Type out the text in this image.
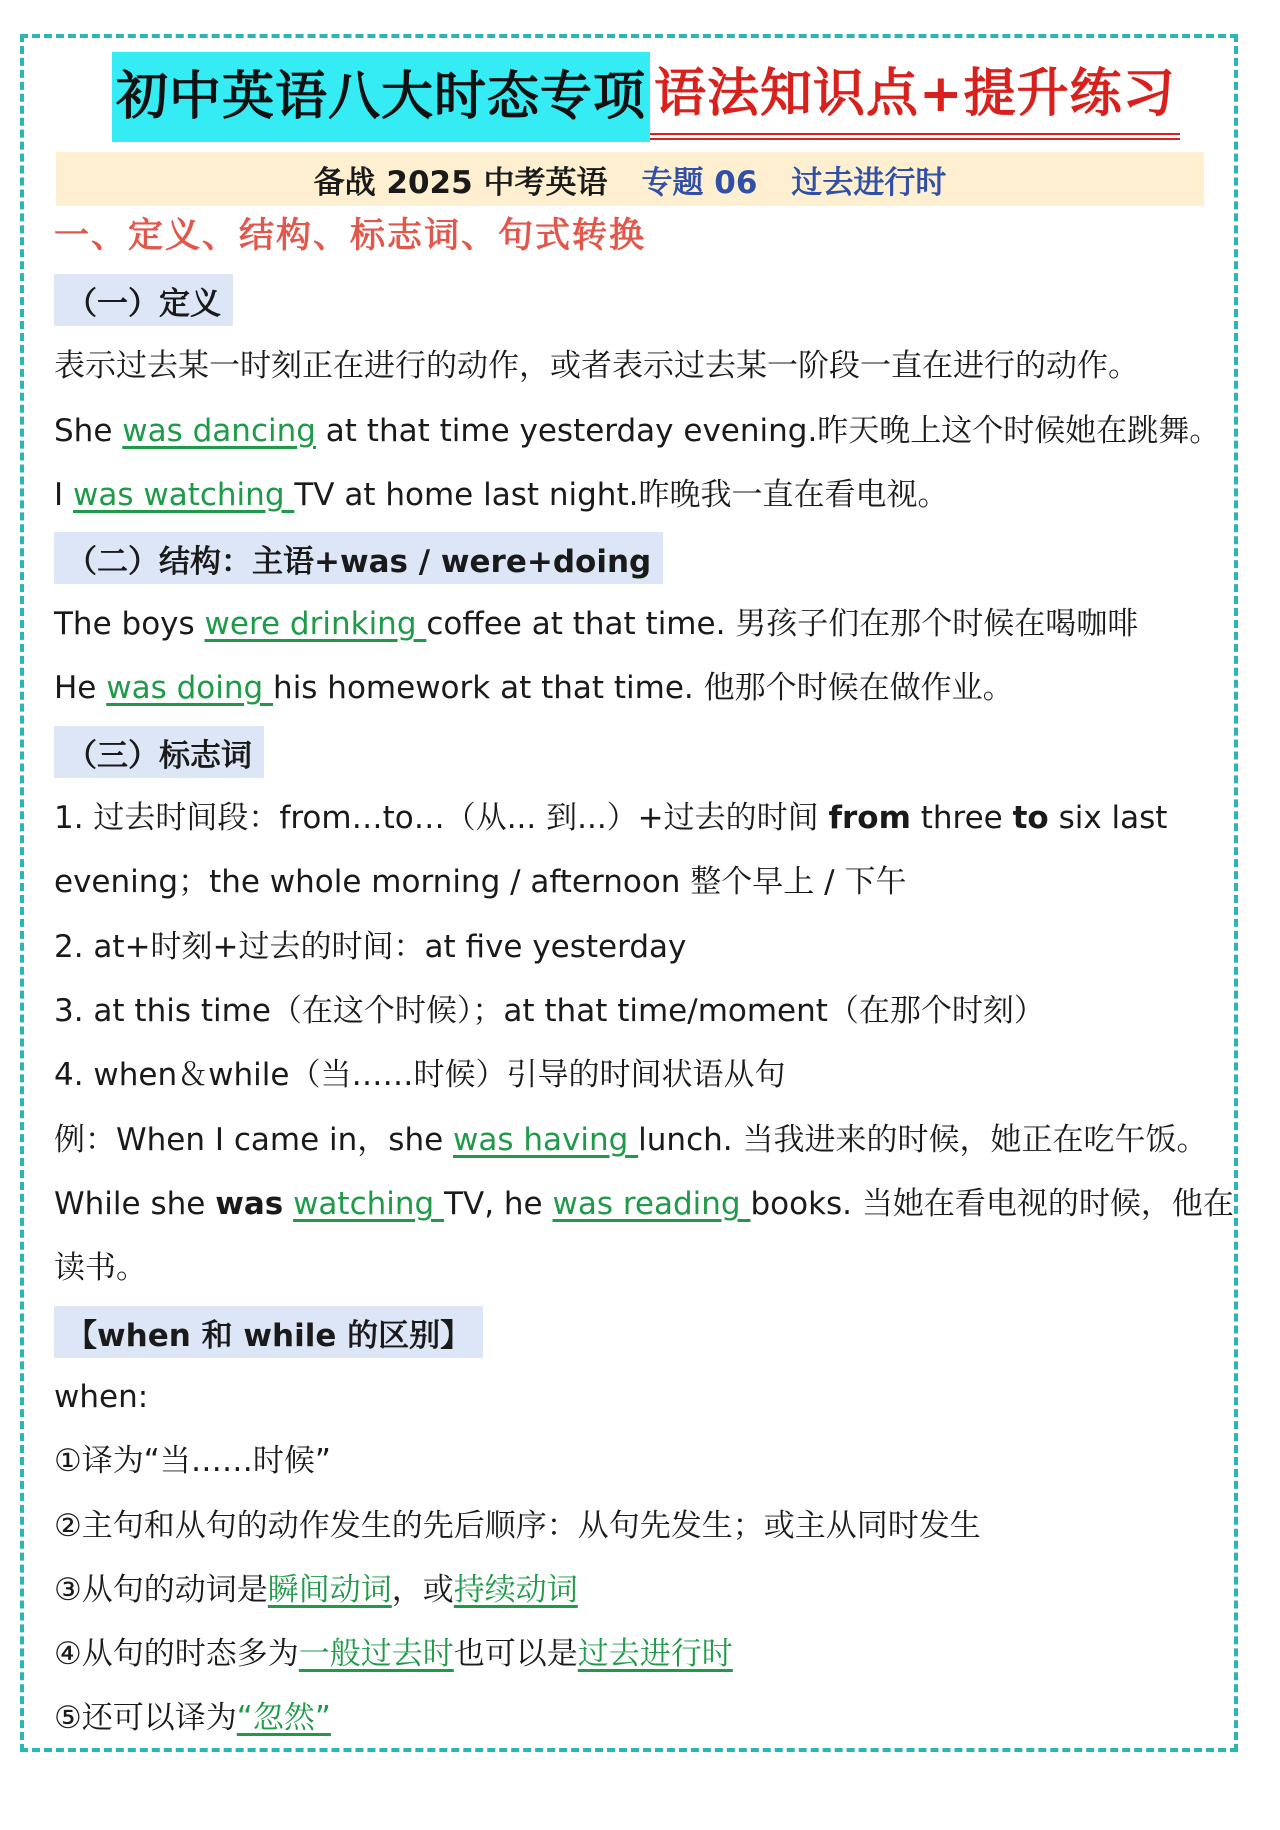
初中英语八大时态专项 语法知识点+提升练习
备战 2025 中考英语 专题 06 过去进行时
一、定义、结构、标志词、句式转换
（一）定义
表示过去某一时刻正在进行的动作，或者表示过去某一阶段一直在进行的动作。
She was dancing at that time yesterday evening.昨天晚上这个时候她在跳舞。
I was watching TV at home last night.昨晚我一直在看电视。
（二）结构：主语+was / were+doing
The boys were drinking coffee at that time. 男孩子们在那个时候在喝咖啡
He was doing his homework at that time. 他那个时候在做作业。
（三）标志词
1. 过去时间段：from…to…（从... 到...）+过去的时间 from three to six last
evening；the whole morning / afternoon 整个早上 / 下午
2. at+时刻+过去的时间：at five yesterday
3. at this time（在这个时候）；at that time/moment（在那个时刻）
4. when＆while（当……时候）引导的时间状语从句
例：When I came in，she was having lunch. 当我进来的时候，她正在吃午饭。
While she was watching TV, he was reading books. 当她在看电视的时候，他在
读书。
【when 和 while 的区别】
when:
①译为“当……时候”
②主句和从句的动作发生的先后顺序：从句先发生；或主从同时发生
③从句的动词是瞬间动词，或持续动词
④从句的时态多为一般过去时也可以是过去进行时
⑤还可以译为“忽然”
